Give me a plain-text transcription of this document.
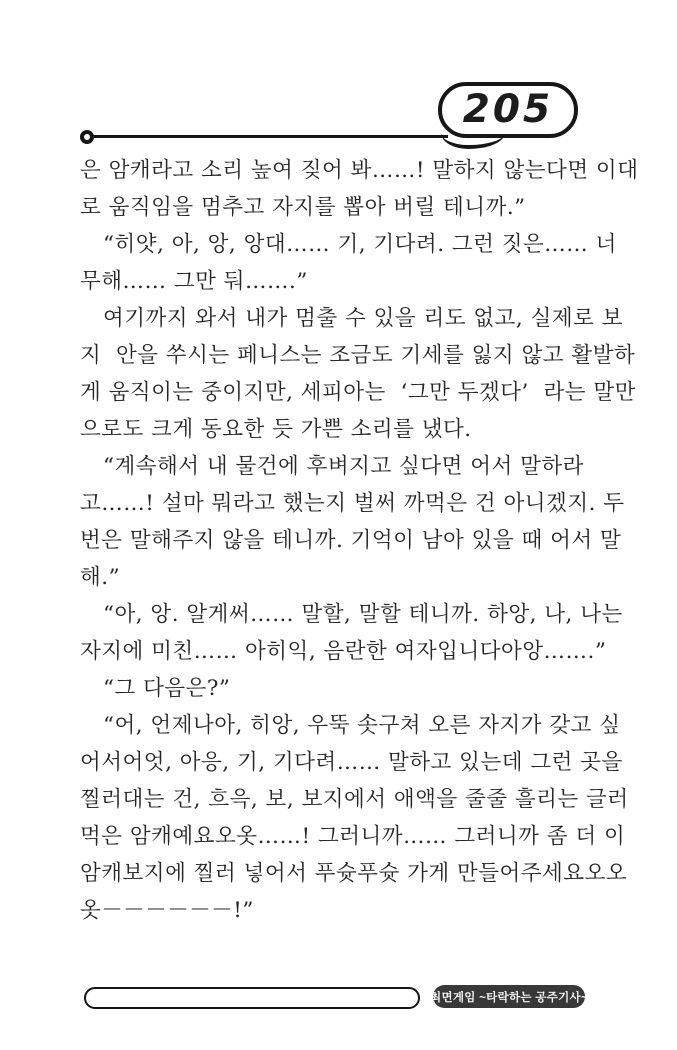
205

은 암캐라고 소리 높여 짖어 봐……! 말하지 않는다면 이대

로 움직임을 멈추고 자지를 뽑아 버릴 테니까.”

“히얏, 아, 앙, 앙대…… 기, 기다려. 그런 짓은…… 너

무해…… 그만 둬…….”

여기까지 와서 내가 멈출 수 있을 리도 없고, 실제로 보

지  안을 쑤시는 페니스는 조금도 기세를 잃지 않고 활발하

게 움직이는 중이지만, 세피아는  ‘그만 두겠다’  라는 말만

으로도 크게 동요한 듯 가쁜 소리를 냈다.

“계속해서 내 물건에 후벼지고 싶다면 어서 말하라

고……! 설마 뭐라고 했는지 벌써 까먹은 건 아니겠지. 두

번은 말해주지 않을 테니까. 기억이 남아 있을 때 어서 말

해.”

“아, 앙. 알게써…… 말할, 말할 테니까. 하앙, 나, 나는

자지에 미친…… 아히익, 음란한 여자입니다아앙…….”

“그 다음은?”

“어, 언제나아, 히앙, 우뚝 솟구쳐 오른 자지가 갖고 싶

어서어엇, 아응, 기, 기다려…… 말하고 있는데 그런 곳을

찔러대는 건, 흐윽, 보, 보지에서 애액을 줄줄 흘리는 글러

먹은 암캐예요오옷……! 그러니까…… 그러니까 좀 더 이

암캐보지에 찔러 넣어서 푸슛푸슛 가게 만들어주세요오오

옷－－－－－－!”

최면게임 ~타락하는 공주기사~
